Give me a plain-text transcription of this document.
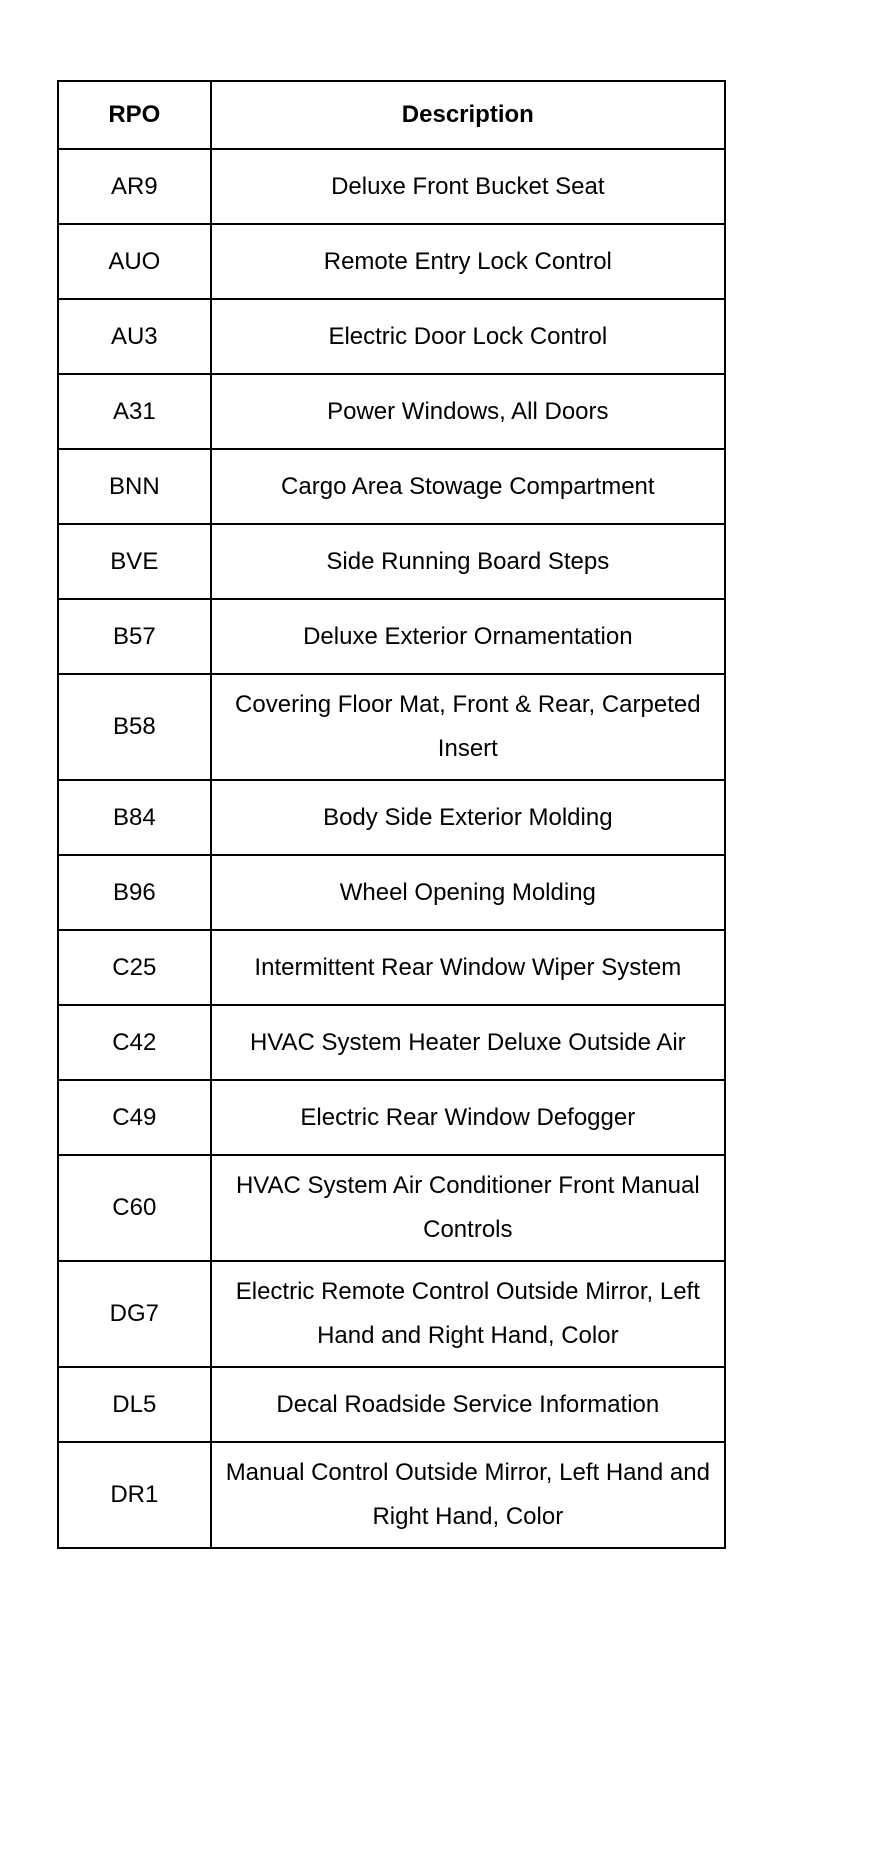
RPO	Description
AR9	Deluxe Front Bucket Seat
AUO	Remote Entry Lock Control
AU3	Electric Door Lock Control
A31	Power Windows, All Doors
BNN	Cargo Area Stowage Compartment
BVE	Side Running Board Steps
B57	Deluxe Exterior Ornamentation
B58	Covering Floor Mat, Front & Rear, Carpeted Insert
B84	Body Side Exterior Molding
B96	Wheel Opening Molding
C25	Intermittent Rear Window Wiper System
C42	HVAC System Heater Deluxe Outside Air
C49	Electric Rear Window Defogger
C60	HVAC System Air Conditioner Front Manual Controls
DG7	Electric Remote Control Outside Mirror, Left Hand and Right Hand, Color
DL5	Decal Roadside Service Information
DR1	Manual Control Outside Mirror, Left Hand and Right Hand, Color
